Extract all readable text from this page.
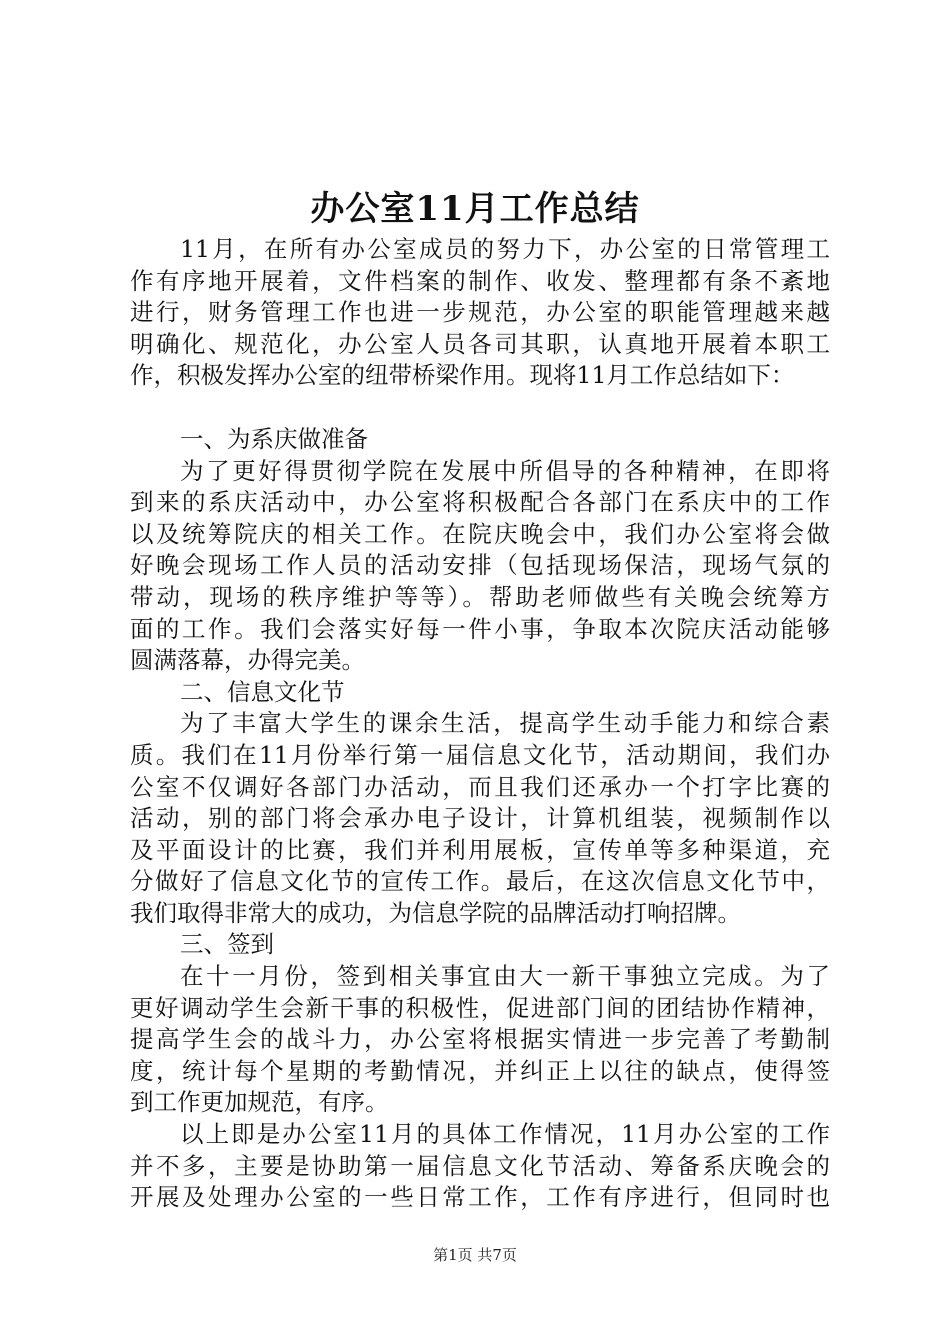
办公室11月工作总结
11月，在所有办公室成员的努力下，办公室的日常管理工
作有序地开展着，文件档案的制作、收发、整理都有条不紊地
进行，财务管理工作也进一步规范，办公室的职能管理越来越
明确化、规范化，办公室人员各司其职，认真地开展着本职工
作，积极发挥办公室的纽带桥梁作用。现将11月工作总结如下：
一、为系庆做准备
为了更好得贯彻学院在发展中所倡导的各种精神，在即将
到来的系庆活动中，办公室将积极配合各部门在系庆中的工作
以及统筹院庆的相关工作。在院庆晚会中，我们办公室将会做
好晚会现场工作人员的活动安排（包括现场保洁，现场气氛的
带动，现场的秩序维护等等）。帮助老师做些有关晚会统筹方
面的工作。我们会落实好每一件小事，争取本次院庆活动能够
圆满落幕，办得完美。
二、信息文化节
为了丰富大学生的课余生活，提高学生动手能力和综合素
质。我们在11月份举行第一届信息文化节，活动期间，我们办
公室不仅调好各部门办活动，而且我们还承办一个打字比赛的
活动，别的部门将会承办电子设计，计算机组装，视频制作以
及平面设计的比赛，我们并利用展板，宣传单等多种渠道，充
分做好了信息文化节的宣传工作。最后，在这次信息文化节中，
我们取得非常大的成功，为信息学院的品牌活动打响招牌。
三、签到
在十一月份，签到相关事宜由大一新干事独立完成。为了
更好调动学生会新干事的积极性，促进部门间的团结协作精神，
提高学生会的战斗力，办公室将根据实情进一步完善了考勤制
度，统计每个星期的考勤情况，并纠正上以往的缺点，使得签
到工作更加规范，有序。
以上即是办公室11月的具体工作情况，11月办公室的工作
并不多，主要是协助第一届信息文化节活动、筹备系庆晚会的
开展及处理办公室的一些日常工作，工作有序进行，但同时也
第1页 共7页
